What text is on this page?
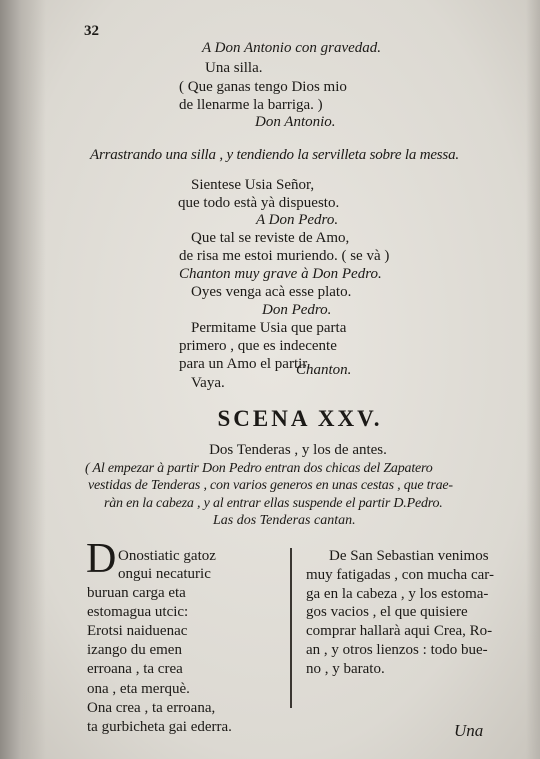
32
A Don Antonio con gravedad.
Una silla.
( Que ganas tengo Dios mio
de llenarme la barriga. )
Don Antonio.
Arrastrando una silla , y tendiendo la servilleta sobre la messa.
Sientese Usia Señor,
que todo està yà dispuesto.
A Don Pedro.
Que tal se reviste de Amo,
de risa me estoi muriendo. ( se và )
Chanton muy grave à Don Pedro.
Oyes venga acà esse plato.
Don Pedro.
Permitame Usia que parta
primero , que es indecente
para un Amo el partir.
Chanton.
Vaya.
SCENA XXV.
Dos Tenderas , y los de antes.
( Al empezar à partir Don Pedro entran dos chicas del Zapatero
vestidas de Tenderas , con varios generos en unas cestas , que trae-
ràn en la cabeza , y al entrar ellas suspende el partir D.Pedro.
Las dos Tenderas cantan.
D Onostiatic gatoz
ongui necaturic
buruan carga eta
estomagua utcic:
Erotsi naiduenac
izango du emen
erroana , ta crea
ona , eta merquè.
Ona crea , ta erroana,
ta gurbicheta gai ederra.
De San Sebastian venimos
muy fatigadas , con mucha car-
ga en la cabeza , y los estoma-
gos vacios , el que quisiere
comprar hallarà aqui Crea, Ro-
an , y otros lienzos : todo bue-
no , y barato.
Una
